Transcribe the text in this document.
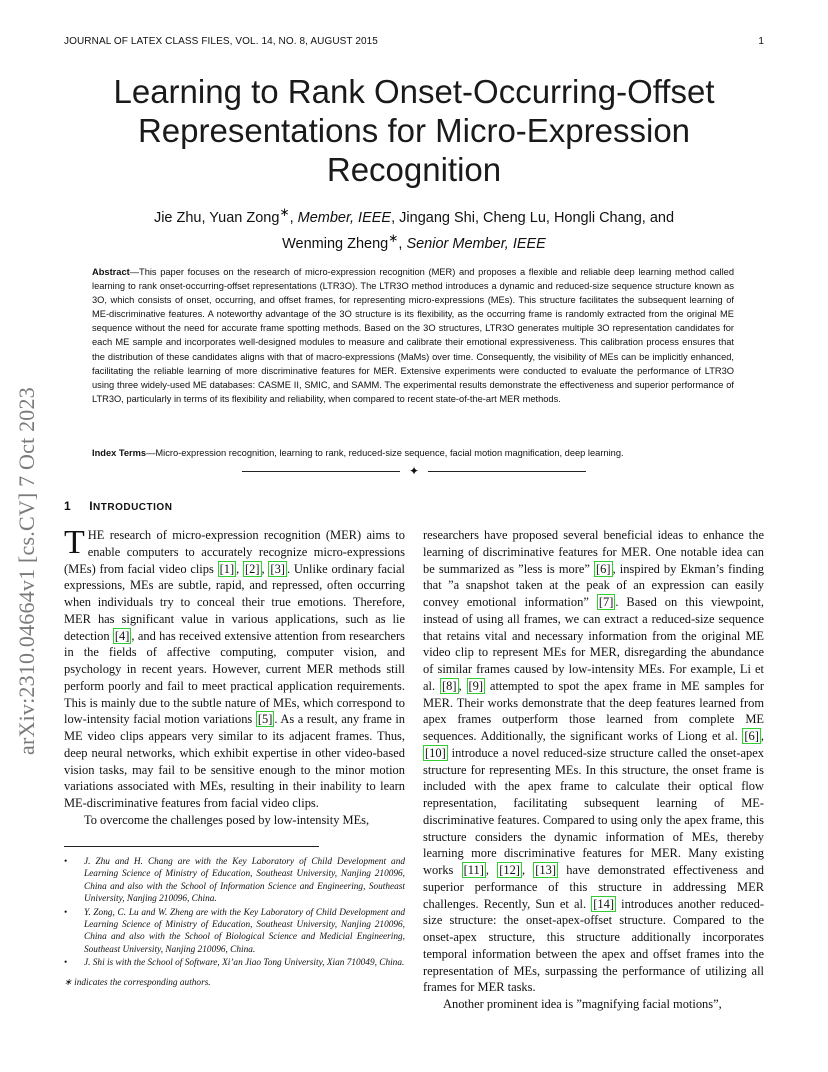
JOURNAL OF LATEX CLASS FILES, VOL. 14, NO. 8, AUGUST 2015	1
Learning to Rank Onset-Occurring-Offset Representations for Micro-Expression Recognition
Jie Zhu, Yuan Zong∗, Member, IEEE, Jingang Shi, Cheng Lu, Hongli Chang, and
Wenming Zheng∗, Senior Member, IEEE
Abstract—This paper focuses on the research of micro-expression recognition (MER) and proposes a flexible and reliable deep learning method called learning to rank onset-occurring-offset representations (LTR3O). The LTR3O method introduces a dynamic and reduced-size sequence structure known as 3O, which consists of onset, occurring, and offset frames, for representing micro-expressions (MEs). This structure facilitates the subsequent learning of ME-discriminative features. A noteworthy advantage of the 3O structure is its flexibility, as the occurring frame is randomly extracted from the original ME sequence without the need for accurate frame spotting methods. Based on the 3O structures, LTR3O generates multiple 3O representation candidates for each ME sample and incorporates well-designed modules to measure and calibrate their emotional expressiveness. This calibration process ensures that the distribution of these candidates aligns with that of macro-expressions (MaMs) over time. Consequently, the visibility of MEs can be implicitly enhanced, facilitating the reliable learning of more discriminative features for MER. Extensive experiments were conducted to evaluate the performance of LTR3O using three widely-used ME databases: CASME II, SMIC, and SAMM. The experimental results demonstrate the effectiveness and superior performance of LTR3O, particularly in terms of its flexibility and reliability, when compared to recent state-of-the-art MER methods.
Index Terms—Micro-expression recognition, learning to rank, reduced-size sequence, facial motion magnification, deep learning.
✦
1 INTRODUCTION

THE research of micro-expression recognition (MER) aims to enable computers to accurately recognize micro-expressions (MEs) from facial video clips [1] , [2] , [3] . Unlike ordinary facial expressions, MEs are subtle, rapid, and repressed, often occurring when individuals try to conceal their true emotions. Therefore, MER has significant value in various applications, such as lie detection [4] , and has received extensive attention from researchers in the fields of affective computing, computer vision, and psychology in recent years. However, current MER methods still perform poorly and fail to meet practical application requirements. This is mainly due to the subtle nature of MEs, which correspond to low-intensity facial motion variations [5] . As a result, any frame in ME video clips appears very similar to its adjacent frames. Thus, deep neural networks, which exhibit expertise in other video-based vision tasks, may fail to be sensitive enough to the minor motion variations associated with MEs, resulting in their inability to learn ME-discriminative features from facial video clips.

To overcome the challenges posed by low-intensity MEs,

• J. Zhu and H. Chang are with the Key Laboratory of Child Development and Learning Science of Ministry of Education, Southeast University, Nanjing 210096, China and also with the School of Information Science and Engineering, Southeast University, Nanjing 210096, China.
• Y. Zong, C. Lu and W. Zheng are with the Key Laboratory of Child Development and Learning Science of Ministry of Education, Southeast University, Nanjing 210096, China and also with the School of Biological Science and Medicial Engineering, Southeast University, Nanjing 210096, China.
• J. Shi is with the School of Software, Xi’an Jiao Tong University, Xian 710049, China.
∗ indicates the corresponding authors.

researchers have proposed several beneficial ideas to enhance the learning of discriminative features for MER. One notable idea can be summarized as ”less is more” [6] , inspired by Ekman’s finding that ”a snapshot taken at the peak of an expression can easily convey emotional information” [7] . Based on this viewpoint, instead of using all frames, we can extract a reduced-size sequence that retains vital and necessary information from the original ME video clip to represent MEs for MER, disregarding the abundance of similar frames caused by low-intensity MEs. For example, Li et al. [8] , [9] attempted to spot the apex frame in ME samples for MER. Their works demonstrate that the deep features learned from apex frames outperform those learned from complete ME sequences. Additionally, the significant works of Liong et al. [6] , [10] introduce a novel reduced-size structure called the onset-apex structure for representing MEs. In this structure, the onset frame is included with the apex frame to calculate their optical flow representation, facilitating subsequent learning of ME-discriminative features. Compared to using only the apex frame, this structure considers the dynamic information of MEs, thereby learning more discriminative features for MER. Many existing works [11] , [12] , [13] have demonstrated effectiveness and superior performance of this structure in addressing MER challenges. Recently, Sun et al. [14] introduces another reduced-size structure: the onset-apex-offset structure. Compared to the onset-apex structure, this structure additionally incorporates temporal information between the apex and offset frames into the representation of MEs, surpassing the performance of utilizing all frames for MER tasks.

Another prominent idea is ”magnifying facial motions”,

arXiv:2310.04664v1 [cs.CV] 7 Oct 2023
